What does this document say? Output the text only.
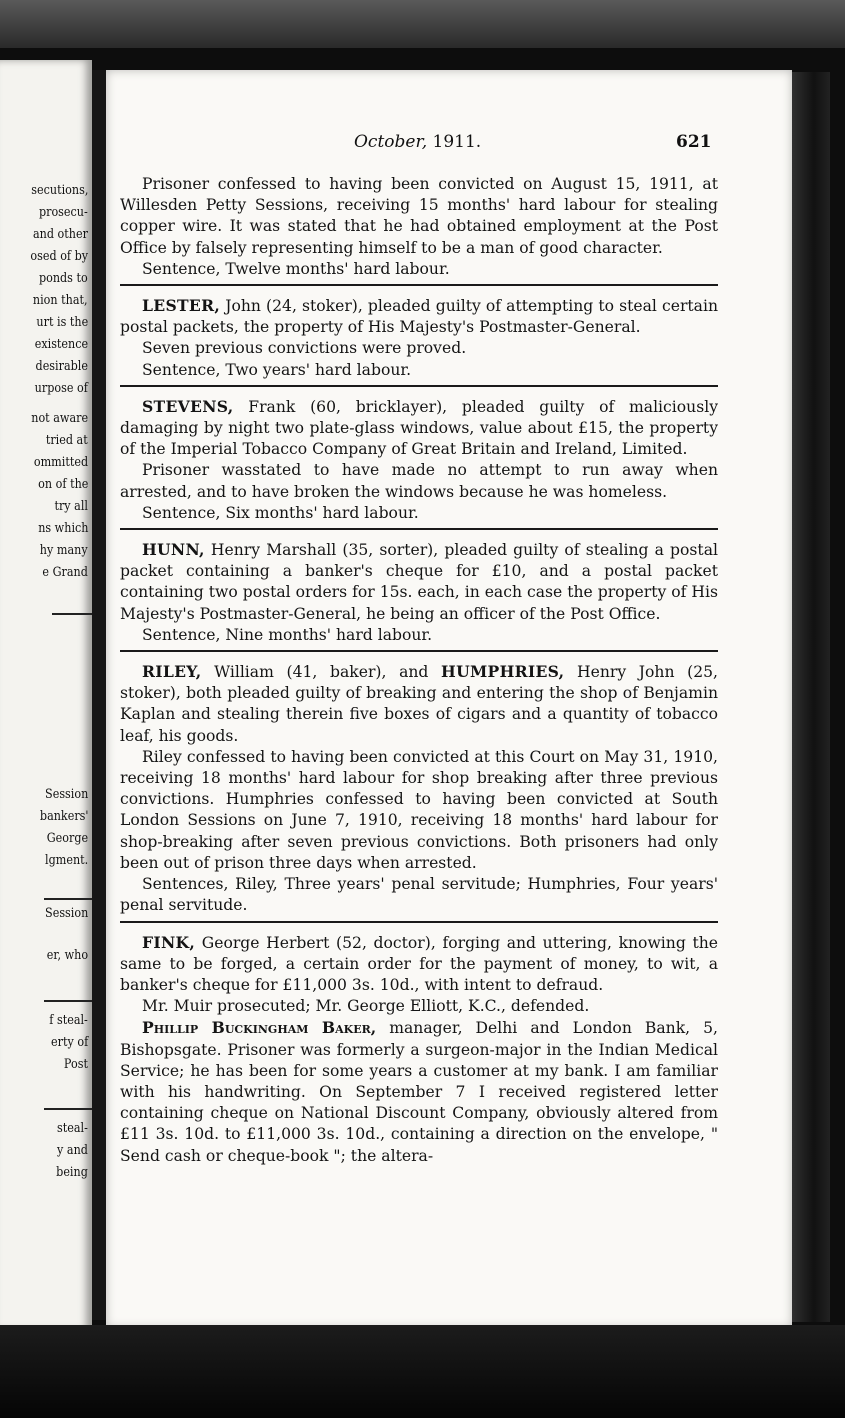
secutions,
prosecu-
and other
osed of by
ponds to
nion that,
urt is the
existence
desirable
urpose of
not aware
tried at
ommitted
on of the
try all
ns which
hy many
e Grand
Session
bankers'
George
lgment.
Session
er, who
f steal-
erty of
Post
steal-
y and
being
October, 1911.	621

Prisoner confessed to having been convicted on August 15, 1911, at Willesden Petty Sessions, receiving 15 months' hard labour for stealing copper wire. It was stated that he had obtained employment at the Post Office by falsely representing himself to be a man of good character.

Sentence, Twelve months' hard labour.

LESTER, John (24, stoker), pleaded guilty of attempting to steal certain postal packets, the property of His Majesty's Postmaster-General.

Seven previous convictions were proved.

Sentence, Two years' hard labour.

STEVENS, Frank (60, bricklayer), pleaded guilty of maliciously damaging by night two plate-glass windows, value about £15, the property of the Imperial Tobacco Company of Great Britain and Ireland, Limited.

Prisoner wasstated to have made no attempt to run away when arrested, and to have broken the windows because he was homeless.

Sentence, Six months' hard labour.

HUNN, Henry Marshall (35, sorter), pleaded guilty of stealing a postal packet containing a banker's cheque for £10, and a postal packet containing two postal orders for 15s. each, in each case the property of His Majesty's Postmaster-General, he being an officer of the Post Office.

Sentence, Nine months' hard labour.

RILEY, William (41, baker), and HUMPHRIES, Henry John (25, stoker), both pleaded guilty of breaking and entering the shop of Benjamin Kaplan and stealing therein five boxes of cigars and a quantity of tobacco leaf, his goods.

Riley confessed to having been convicted at this Court on May 31, 1910, receiving 18 months' hard labour for shop breaking after three previous convictions. Humphries confessed to having been convicted at South London Sessions on June 7, 1910, receiving 18 months' hard labour for shop-breaking after seven previous convictions. Both prisoners had only been out of prison three days when arrested.

Sentences, Riley, Three years' penal servitude; Humphries, Four years' penal servitude.

FINK, George Herbert (52, doctor), forging and uttering, knowing the same to be forged, a certain order for the payment of money, to wit, a banker's cheque for £11,000 3s. 10d., with intent to defraud.

Mr. Muir prosecuted; Mr. George Elliott, K.C., defended.

Phillip Buckingham Baker, manager, Delhi and London Bank, 5, Bishopsgate. Prisoner was formerly a surgeon-major in the Indian Medical Service; he has been for some years a customer at my bank. I am familiar with his handwriting. On September 7 I received registered letter containing cheque on National Discount Company, obviously altered from £11 3s. 10d. to £11,000 3s. 10d., containing a direction on the envelope, " Send cash or cheque-book "; the altera-
